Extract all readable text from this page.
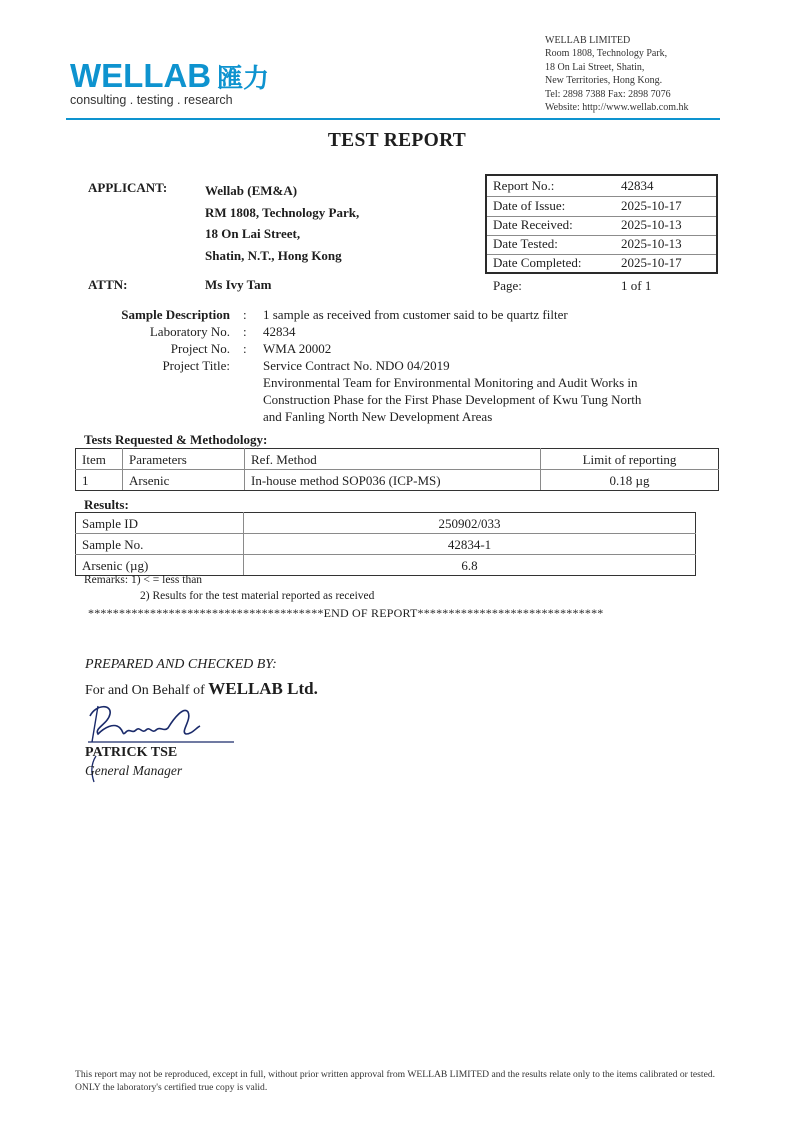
WELLAB 匯力
consulting . testing . research
WELLAB LIMITED
Room 1808, Technology Park,
18 On Lai Street, Shatin,
New Territories, Hong Kong.
Tel: 2898 7388 Fax: 2898 7076
Website: http://www.wellab.com.hk
TEST REPORT
APPLICANT:	Wellab (EM&A)
RM 1808, Technology Park,
18 On Lai Street,
Shatin, N.T., Hong Kong
Report No.:	42834
Date of Issue:	2025-10-17
Date Received:	2025-10-13
Date Tested:	2025-10-13
Date Completed:	2025-10-17
Page:	1 of 1
ATTN:	Ms Ivy Tam
Sample Description : 1 sample as received from customer said to be quartz filter
Laboratory No. : 42834
Project No. : WMA 20002
Project Title:	Service Contract No. NDO 04/2019
Environmental Team for Environmental Monitoring and Audit Works in
Construction Phase for the First Phase Development of Kwu Tung North
and Fanling North New Development Areas
Tests Requested & Methodology:
Item	Parameters	Ref. Method	Limit of reporting
1	Arsenic	In-house method SOP036 (ICP-MS)	0.18 µg
Results:
Sample ID	250902/033
Sample No.	42834-1
Arsenic (µg)	6.8
Remarks: 1) < = less than
2) Results for the test material reported as received
**************************************END OF REPORT******************************
PREPARED AND CHECKED BY:
For and On Behalf of WELLAB Ltd.
PATRICK TSE
General Manager
This report may not be reproduced, except in full, without prior written approval from WELLAB LIMITED and the results relate only to the items calibrated or tested. ONLY the laboratory's certified true copy is valid.
